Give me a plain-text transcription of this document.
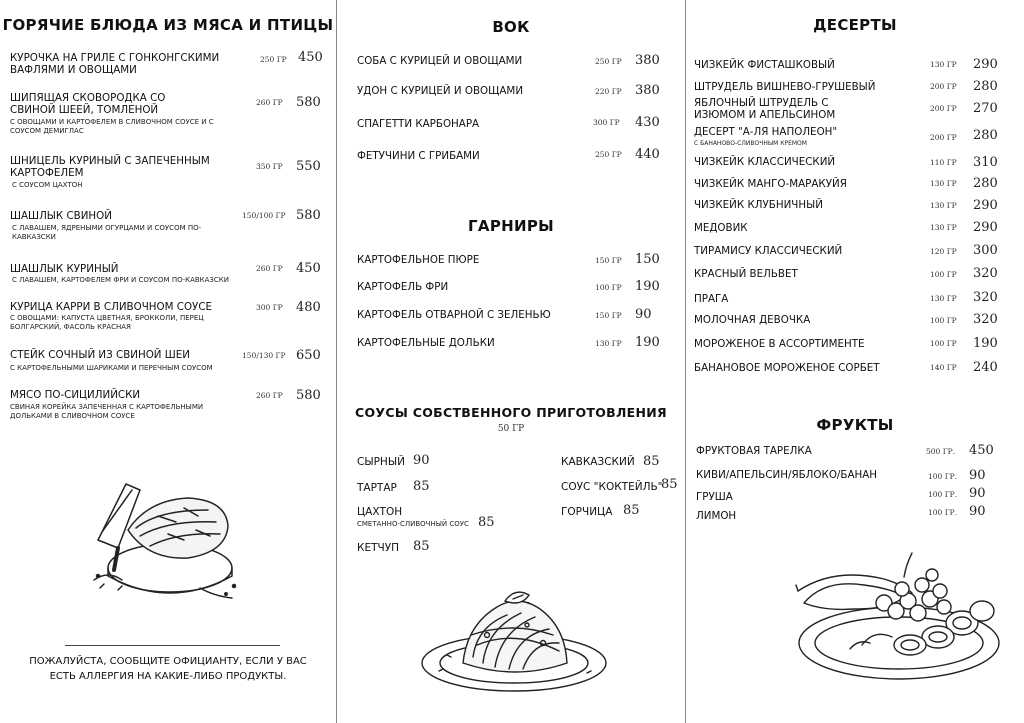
ГОРЯЧИЕ БЛЮДА ИЗ МЯСА И ПТИЦЫ
КУРОЧКА НА ГРИЛЕ С ГОНКОНГСКИМИ ВАФЛЯМИ И ОВОЩАМИ
250 ГР 450
ШИПЯЩАЯ СКОВОРОДКА СО СВИНОЙ ШЕЕЙ, ТОМЛЕНОЙ
С ОВОЩАМИ И КАРТОФЕЛЕМ В СЛИВОЧНОМ СОУСЕ И С СОУСОМ ДЕМИГЛАС
260 ГР 580
ШНИЦЕЛЬ КУРИНЫЙ С ЗАПЕЧЕННЫМ КАРТОФЕЛЕМ
С СОУСОМ ЦАХТОН
350 ГР 550
ШАШЛЫК СВИНОЙ
С ЛАВАШЕМ, ЯДРЕНЫМИ ОГУРЦАМИ И СОУСОМ ПО-КАВКАЗСКИ
150/100 ГР 580
ШАШЛЫК КУРИНЫЙ
С ЛАВАШЕМ, КАРТОФЕЛЕМ ФРИ И СОУСОМ ПО-КАВКАЗСКИ
260 ГР 450
КУРИЦА КАРРИ В СЛИВОЧНОМ СОУСЕ
С ОВОЩАМИ: КАПУСТА ЦВЕТНАЯ, БРОККОЛИ, ПЕРЕЦ БОЛГАРСКИЙ, ФАСОЛЬ КРАСНАЯ
300 ГР 480
СТЕЙК СОЧНЫЙ ИЗ СВИНОЙ ШЕИ
С КАРТОФЕЛЬНЫМИ ШАРИКАМИ И ПЕРЕЧНЫМ СОУСОМ
150/130 ГР 650
МЯСО ПО-СИЦИЛИЙСКИ
СВИНАЯ КОРЕЙКА ЗАПЕЧЕННАЯ С КАРТОФЕЛЬНЫМИ ДОЛЬКАМИ В СЛИВОЧНОМ СОУСЕ
260 ГР 580
ПОЖАЛУЙСТА, СООБЩИТЕ ОФИЦИАНТУ, ЕСЛИ У ВАС ЕСТЬ АЛЛЕРГИЯ НА КАКИЕ-ЛИБО ПРОДУКТЫ.
ВОК
СОБА С КУРИЦЕЙ И ОВОЩАМИ	250 ГР 380
УДОН С КУРИЦЕЙ И ОВОЩАМИ	220 ГР 380
СПАГЕТТИ КАРБОНАРА	300 ГР 430
ФЕТУЧИНИ С ГРИБАМИ	250 ГР 440
ГАРНИРЫ
КАРТОФЕЛЬНОЕ ПЮРЕ	150 ГР 150
КАРТОФЕЛЬ ФРИ	100 ГР 190
КАРТОФЕЛЬ ОТВАРНОЙ С ЗЕЛЕНЬЮ	150 ГР 90
КАРТОФЕЛЬНЫЕ ДОЛЬКИ	130 ГР 190
СОУСЫ СОБСТВЕННОГО ПРИГОТОВЛЕНИЯ
50 ГР
СЫРНЫЙ 90
ТАРТАР 85
ЦАХТОН
СМЕТАННО-СЛИВОЧНЫЙ СОУС 85
КЕТЧУП 85
КАВКАЗСКИЙ 85
СОУС "КОКТЕЙЛЬ"
85
ГОРЧИЦА 85
ДЕСЕРТЫ
ЧИЗКЕЙК ФИСТАШКОВЫЙ	130 ГР 290
ШТРУДЕЛЬ ВИШНЕВО-ГРУШЕВЫЙ	200 ГР 280
ЯБЛОЧНЫЙ ШТРУДЕЛЬ С ИЗЮМОМ И АПЕЛЬСИНОМ
200 ГР 270
ДЕСЕРТ "А-ЛЯ НАПОЛЕОН"
С БАНАНОВО-СЛИВОЧНЫМ КРЕМОМ
200 ГР 280
ЧИЗКЕЙК КЛАССИЧЕСКИЙ	110 ГР 310
ЧИЗКЕЙК МАНГО-МАРАКУЙЯ	130 ГР 280
ЧИЗКЕЙК КЛУБНИЧНЫЙ	130 ГР 290
МЕДОВИК	130 ГР 290
ТИРАМИСУ КЛАССИЧЕСКИЙ	120 ГР 300
КРАСНЫЙ ВЕЛЬВЕТ	100 ГР 320
ПРАГА	130 ГР 320
МОЛОЧНАЯ ДЕВОЧКА	100 ГР 320
МОРОЖЕНОЕ В АССОРТИМЕНТЕ	100 ГР 190
БАНАНОВОЕ МОРОЖЕНОЕ СОРБЕТ	140 ГР 240
ФРУКТЫ
ФРУКТОВАЯ ТАРЕЛКА	500 ГР. 450
КИВИ/АПЕЛЬСИН/ЯБЛОКО/БАНАН	100 ГР. 90
ГРУША	100 ГР. 90
ЛИМОН	100 ГР. 90
